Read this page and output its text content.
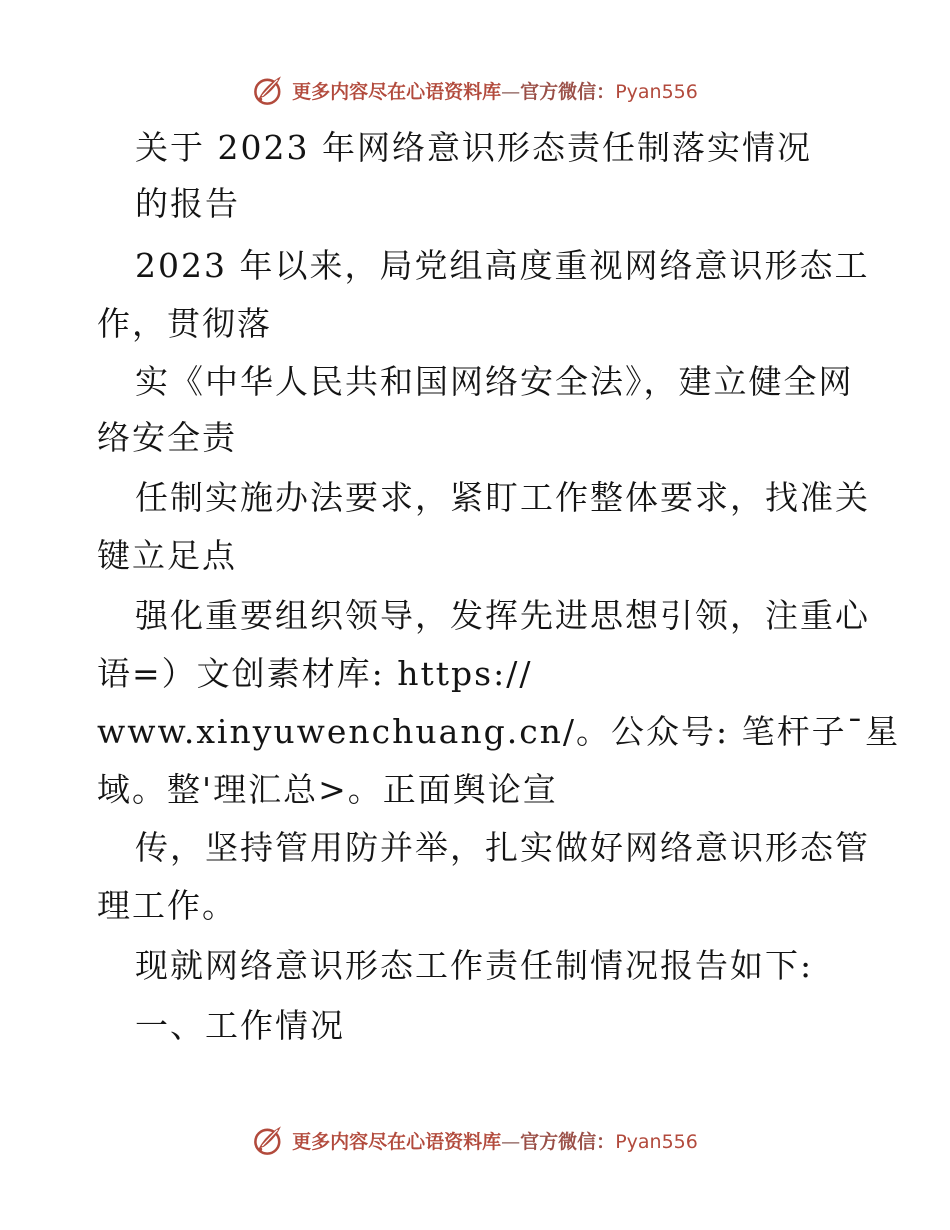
更多内容尽在心语资料库—官方微信：Pyan556
关于 2023 年网络意识形态责任制落实情况
的报告
2023 年以来，局党组高度重视网络意识形态工
作，贯彻落
实《中华人民共和国网络安全法》，建立健全网
络安全责
任制实施办法要求，紧盯工作整体要求，找准关
键立足点
强化重要组织领导，发挥先进思想引领，注重心
语=）文创素材库: https://
www.xinyuwenchuang.cn/。公众号: 笔杆子¯星
域。整'理汇总>。正面舆论宣
传，坚持管用防并举，扎实做好网络意识形态管
理工作。
现就网络意识形态工作责任制情况报告如下:
一、工作情况
更多内容尽在心语资料库—官方微信：Pyan556
